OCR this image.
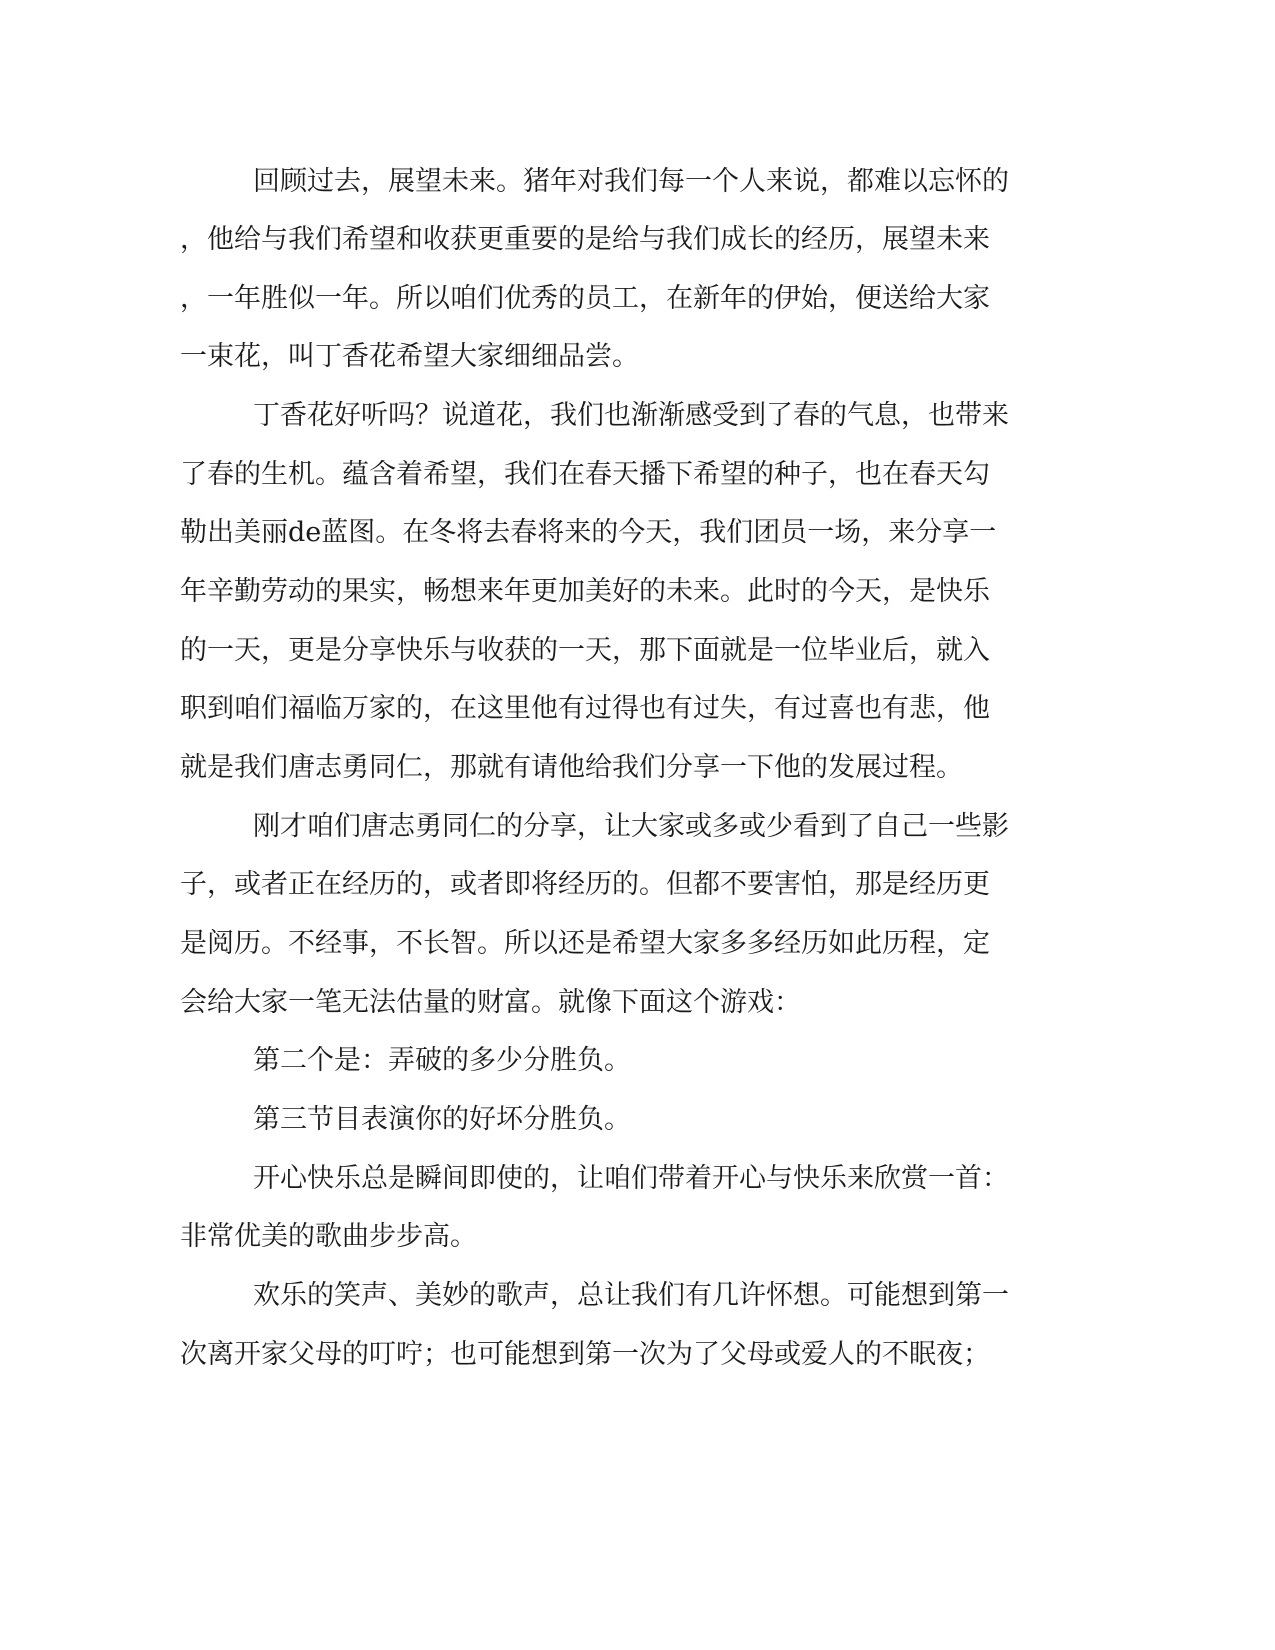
回顾过去，展望未来。猪年对我们每一个人来说，都难以忘怀的
，他给与我们希望和收获更重要的是给与我们成长的经历，展望未来
，一年胜似一年。所以咱们优秀的员工，在新年的伊始，便送给大家
一束花，叫丁香花希望大家细细品尝。
丁香花好听吗？说道花，我们也渐渐感受到了春的气息，也带来
了春的生机。蕴含着希望，我们在春天播下希望的种子，也在春天勾
勒出美丽de蓝图。在冬将去春将来的今天，我们团员一场，来分享一
年辛勤劳动的果实，畅想来年更加美好的未来。此时的今天，是快乐
的一天，更是分享快乐与收获的一天，那下面就是一位毕业后，就入
职到咱们福临万家的，在这里他有过得也有过失，有过喜也有悲，他
就是我们唐志勇同仁，那就有请他给我们分享一下他的发展过程。
刚才咱们唐志勇同仁的分享，让大家或多或少看到了自己一些影
子，或者正在经历的，或者即将经历的。但都不要害怕，那是经历更
是阅历。不经事，不长智。所以还是希望大家多多经历如此历程，定
会给大家一笔无法估量的财富。就像下面这个游戏：
第二个是：弄破的多少分胜负。
第三节目表演你的好坏分胜负。
开心快乐总是瞬间即使的，让咱们带着开心与快乐来欣赏一首：
非常优美的歌曲步步高。
欢乐的笑声、美妙的歌声，总让我们有几许怀想。可能想到第一
次离开家父母的叮咛；也可能想到第一次为了父母或爱人的不眠夜；
